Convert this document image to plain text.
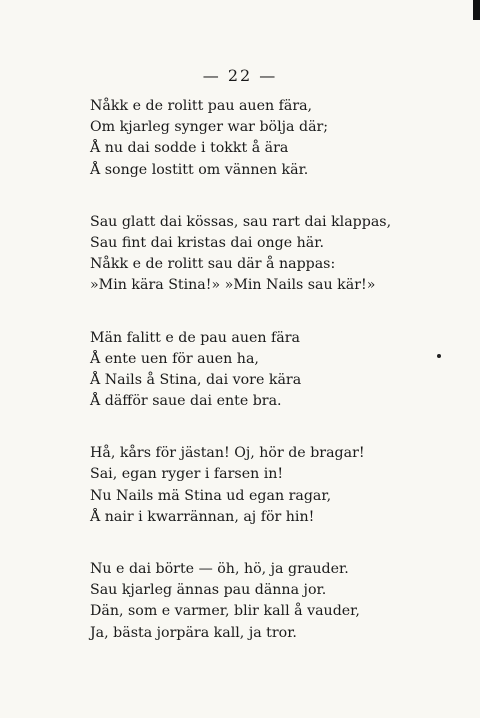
— 22 —
Nåkk e de rolitt pau auen fära,
Om kjarleg synger war bölja där;
Å nu dai sodde i tokkt å ära
Å songe lostitt om vännen kär.
Sau glatt dai kössas, sau rart dai klappas,
Sau fint dai kristas dai onge här.
Nåkk e de rolitt sau där å nappas:
»Min kära Stina!» »Min Nails sau kär!»
Män falitt e de pau auen fära
Å ente uen för auen ha,
Å Nails å Stina, dai vore kära
Å däfför saue dai ente bra.
Hå, kårs för jästan! Oj, hör de bragar!
Sai, egan ryger i farsen in!
Nu Nails mä Stina ud egan ragar,
Å nair i kwarrännan, aj för hin!
Nu e dai börte — öh, hö, ja grauder.
Sau kjarleg ännas pau dänna jor.
Dän, som e varmer, blir kall å vauder,
Ja, bästa jorpära kall, ja tror.
